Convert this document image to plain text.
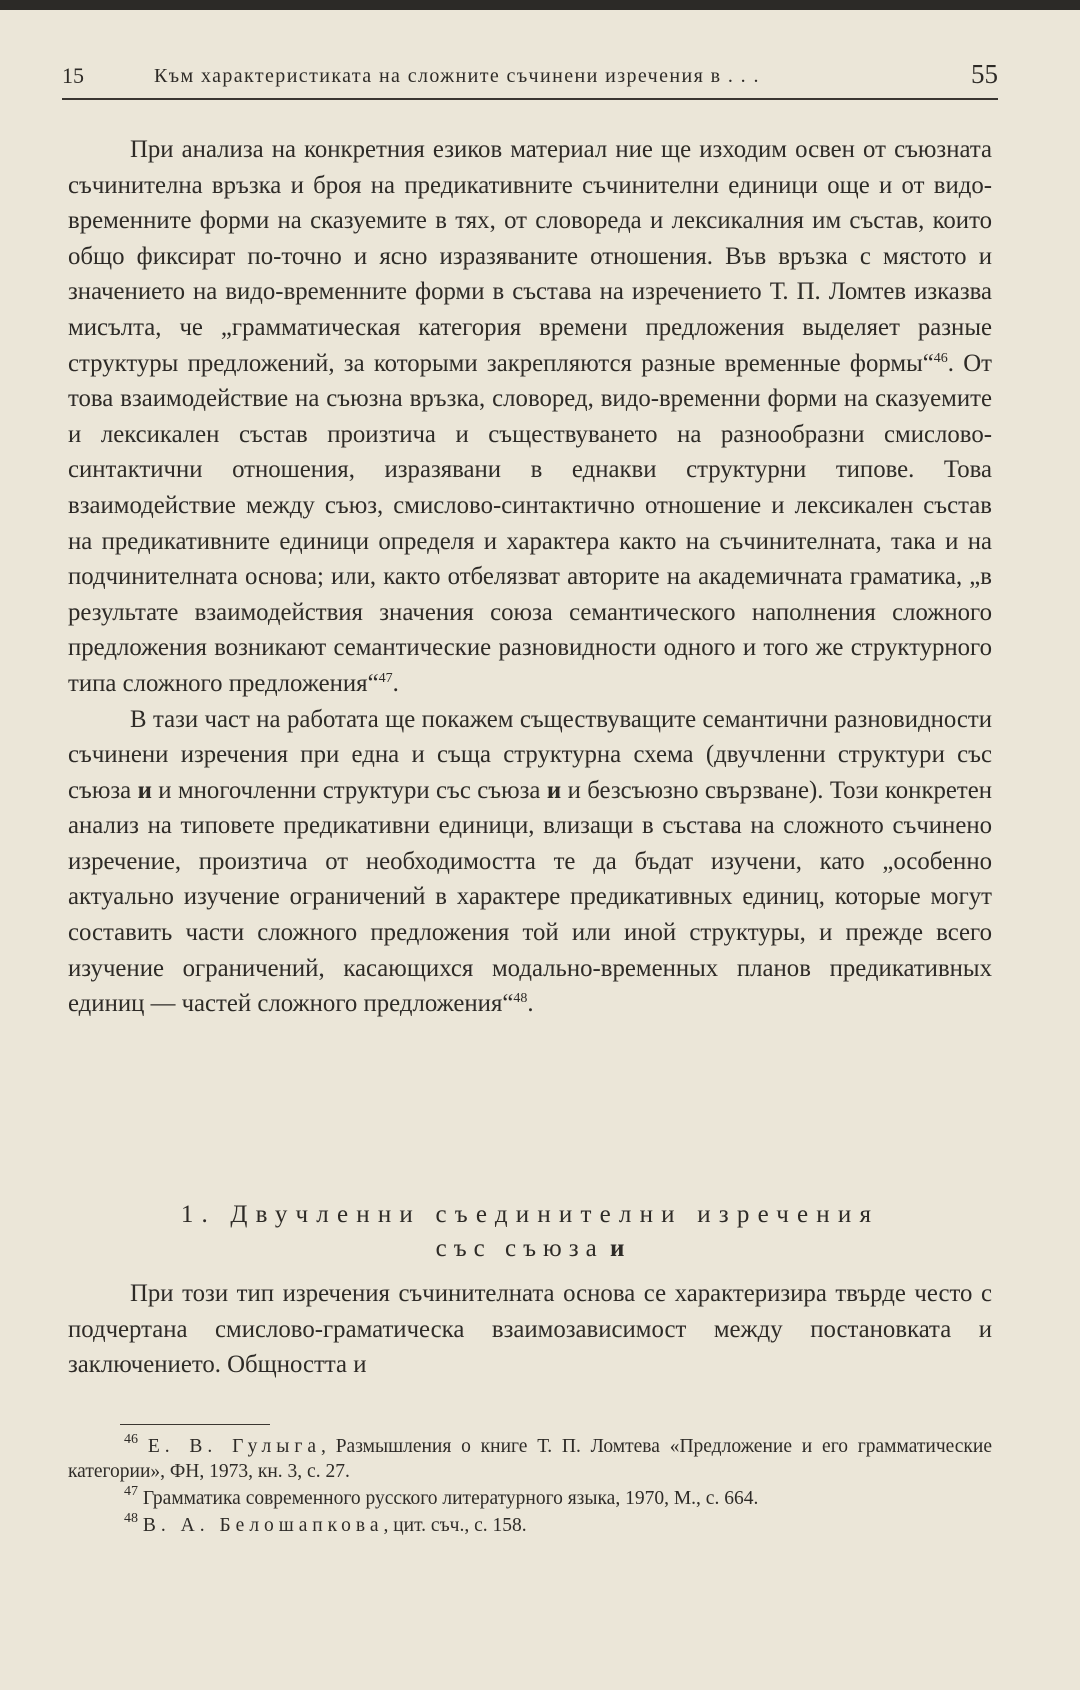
15	Към характеристиката на сложните съчинени изречения в . . .	55

При анализа на конкретния езиков материал ние ще изходим освен от съюзната съчинителна връзка и броя на предикативните съчинителни единици още и от видо-временните форми на сказуемите в тях, от словореда и лексикалния им състав, които общо фиксират по-точно и ясно изразяваните отношения. Във връзка с мястото и значението на видо-временните форми в състава на изречението Т. П. Ломтев изказва мисълта, че „грамматическая категория времени предложения выделяет разные структуры предложений, за которыми закрепляются разные временные формы“$^{46}$. От това взаимодействие на съюзна връзка, словоред, видо-временни форми на сказуемите и лексикален състав произтича и съществуването на разнообразни смислово-синтактични отношения, изразявани в еднакви структурни типове. Това взаимодействие между съюз, смислово-синтактично отношение и лексикален състав на предикативните единици определя и характера както на съчинителната, така и на подчинителната основа; или, както отбелязват авторите на академичната граматика, „в результате взаимодействия значения союза семантического наполнения сложного предложения возникают семантические разновидности одного и того же структурного типа сложного предложения“$^{47}$.

В тази част на работата ще покажем съществуващите семантични разновидности съчинени изречения при една и съща структурна схема (двучленни структури със съюза и и многочленни структури със съюза и и безсъюзно свързване). Този конкретен анализ на типовете предикативни единици, влизащи в състава на сложното съчинено изречение, произтича от необходимостта те да бъдат изучени, като „особенно актуально изучение ограничений в характере предикативных единиц, которые могут составить части сложного предложения той или иной структуры, и прежде всего изучение ограничений, касающихся модально-временных планов предикативных единиц — частей сложного предложения“$^{48}$.

1. Двучленни съединителни изречения
със съюза и

При този тип изречения съчинителната основа се характеризира твърде често с подчертана смислово-граматическа взаимозависимост между постановката и заключението. Общността и

$^{46}$ Е. В. Гулыга, Размышления о книге Т. П. Ломтева «Предложение и его грамматические категории», ФН, 1973, кн. 3, с. 27.

$^{47}$ Грамматика современного русского литературного языка, 1970, М., с. 664.

$^{48}$ В. А. Белошапкова, цит. съч., с. 158.
